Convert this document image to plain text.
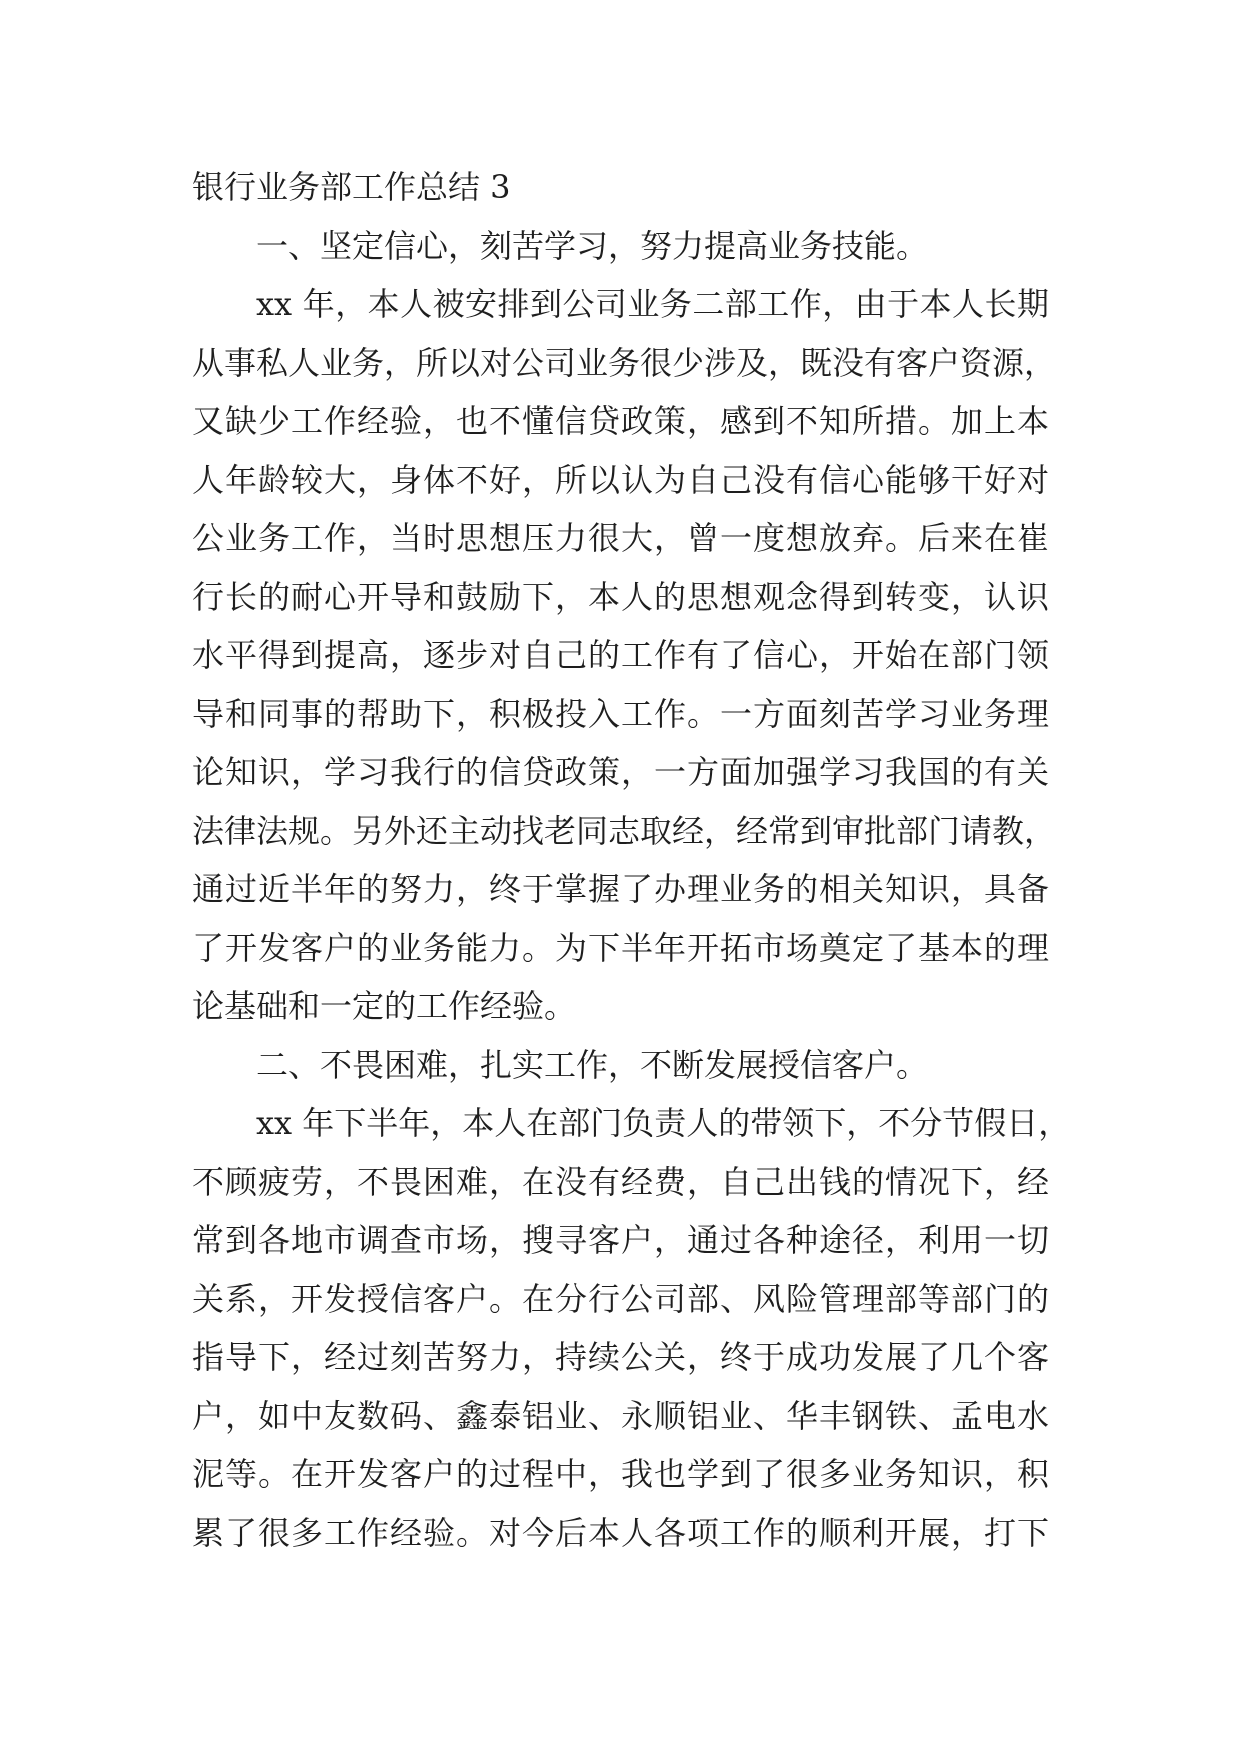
银行业务部工作总结 3
一、坚定信心，刻苦学习，努力提高业务技能。
xx 年，本人被安排到公司业务二部工作，由于本人长期
从事私人业务，所以对公司业务很少涉及，既没有客户资源，
又缺少工作经验，也不懂信贷政策，感到不知所措。加上本
人年龄较大，身体不好，所以认为自己没有信心能够干好对
公业务工作，当时思想压力很大，曾一度想放弃。后来在崔
行长的耐心开导和鼓励下，本人的思想观念得到转变，认识
水平得到提高，逐步对自己的工作有了信心，开始在部门领
导和同事的帮助下，积极投入工作。一方面刻苦学习业务理
论知识，学习我行的信贷政策，一方面加强学习我国的有关
法律法规。另外还主动找老同志取经，经常到审批部门请教，
通过近半年的努力，终于掌握了办理业务的相关知识，具备
了开发客户的业务能力。为下半年开拓市场奠定了基本的理
论基础和一定的工作经验。
二、不畏困难，扎实工作，不断发展授信客户。
xx 年下半年，本人在部门负责人的带领下，不分节假日，
不顾疲劳，不畏困难，在没有经费，自己出钱的情况下，经
常到各地市调查市场，搜寻客户，通过各种途径，利用一切
关系，开发授信客户。在分行公司部、风险管理部等部门的
指导下，经过刻苦努力，持续公关，终于成功发展了几个客
户，如中友数码、鑫泰铝业、永顺铝业、华丰钢铁、孟电水
泥等。在开发客户的过程中，我也学到了很多业务知识，积
累了很多工作经验。对今后本人各项工作的顺利开展，打下
